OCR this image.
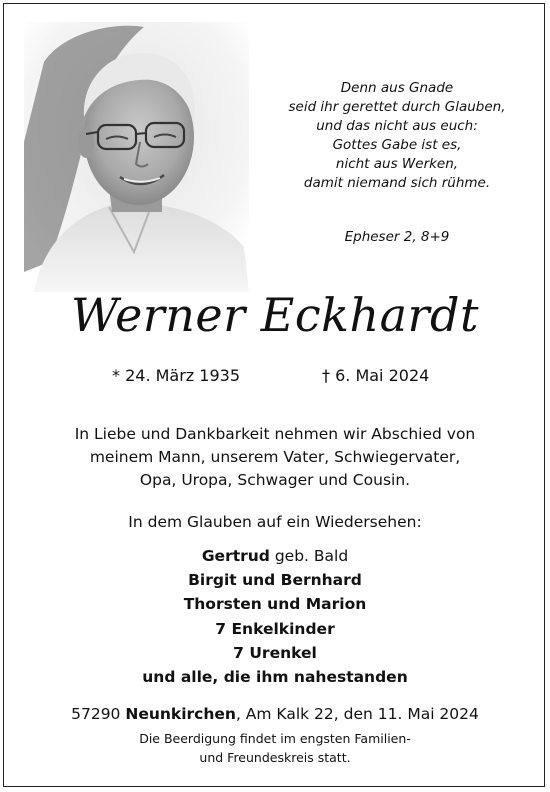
Denn aus Gnade
seid ihr gerettet durch Glauben,
und das nicht aus euch:
Gottes Gabe ist es,
nicht aus Werken,
damit niemand sich rühme.
Epheser 2, 8+9
Werner Eckhardt
* 24. März 1935	† 6. Mai 2024
In Liebe und Dankbarkeit nehmen wir Abschied von
meinem Mann, unserem Vater, Schwiegervater,
Opa, Uropa, Schwager und Cousin.
In dem Glauben auf ein Wiedersehen:
Gertrud geb. Bald
Birgit und Bernhard
Thorsten und Marion
7 Enkelkinder
7 Urenkel
und alle, die ihm nahestanden
57290 Neunkirchen, Am Kalk 22, den 11. Mai 2024
Die Beerdigung findet im engsten Familien-
und Freundeskreis statt.
